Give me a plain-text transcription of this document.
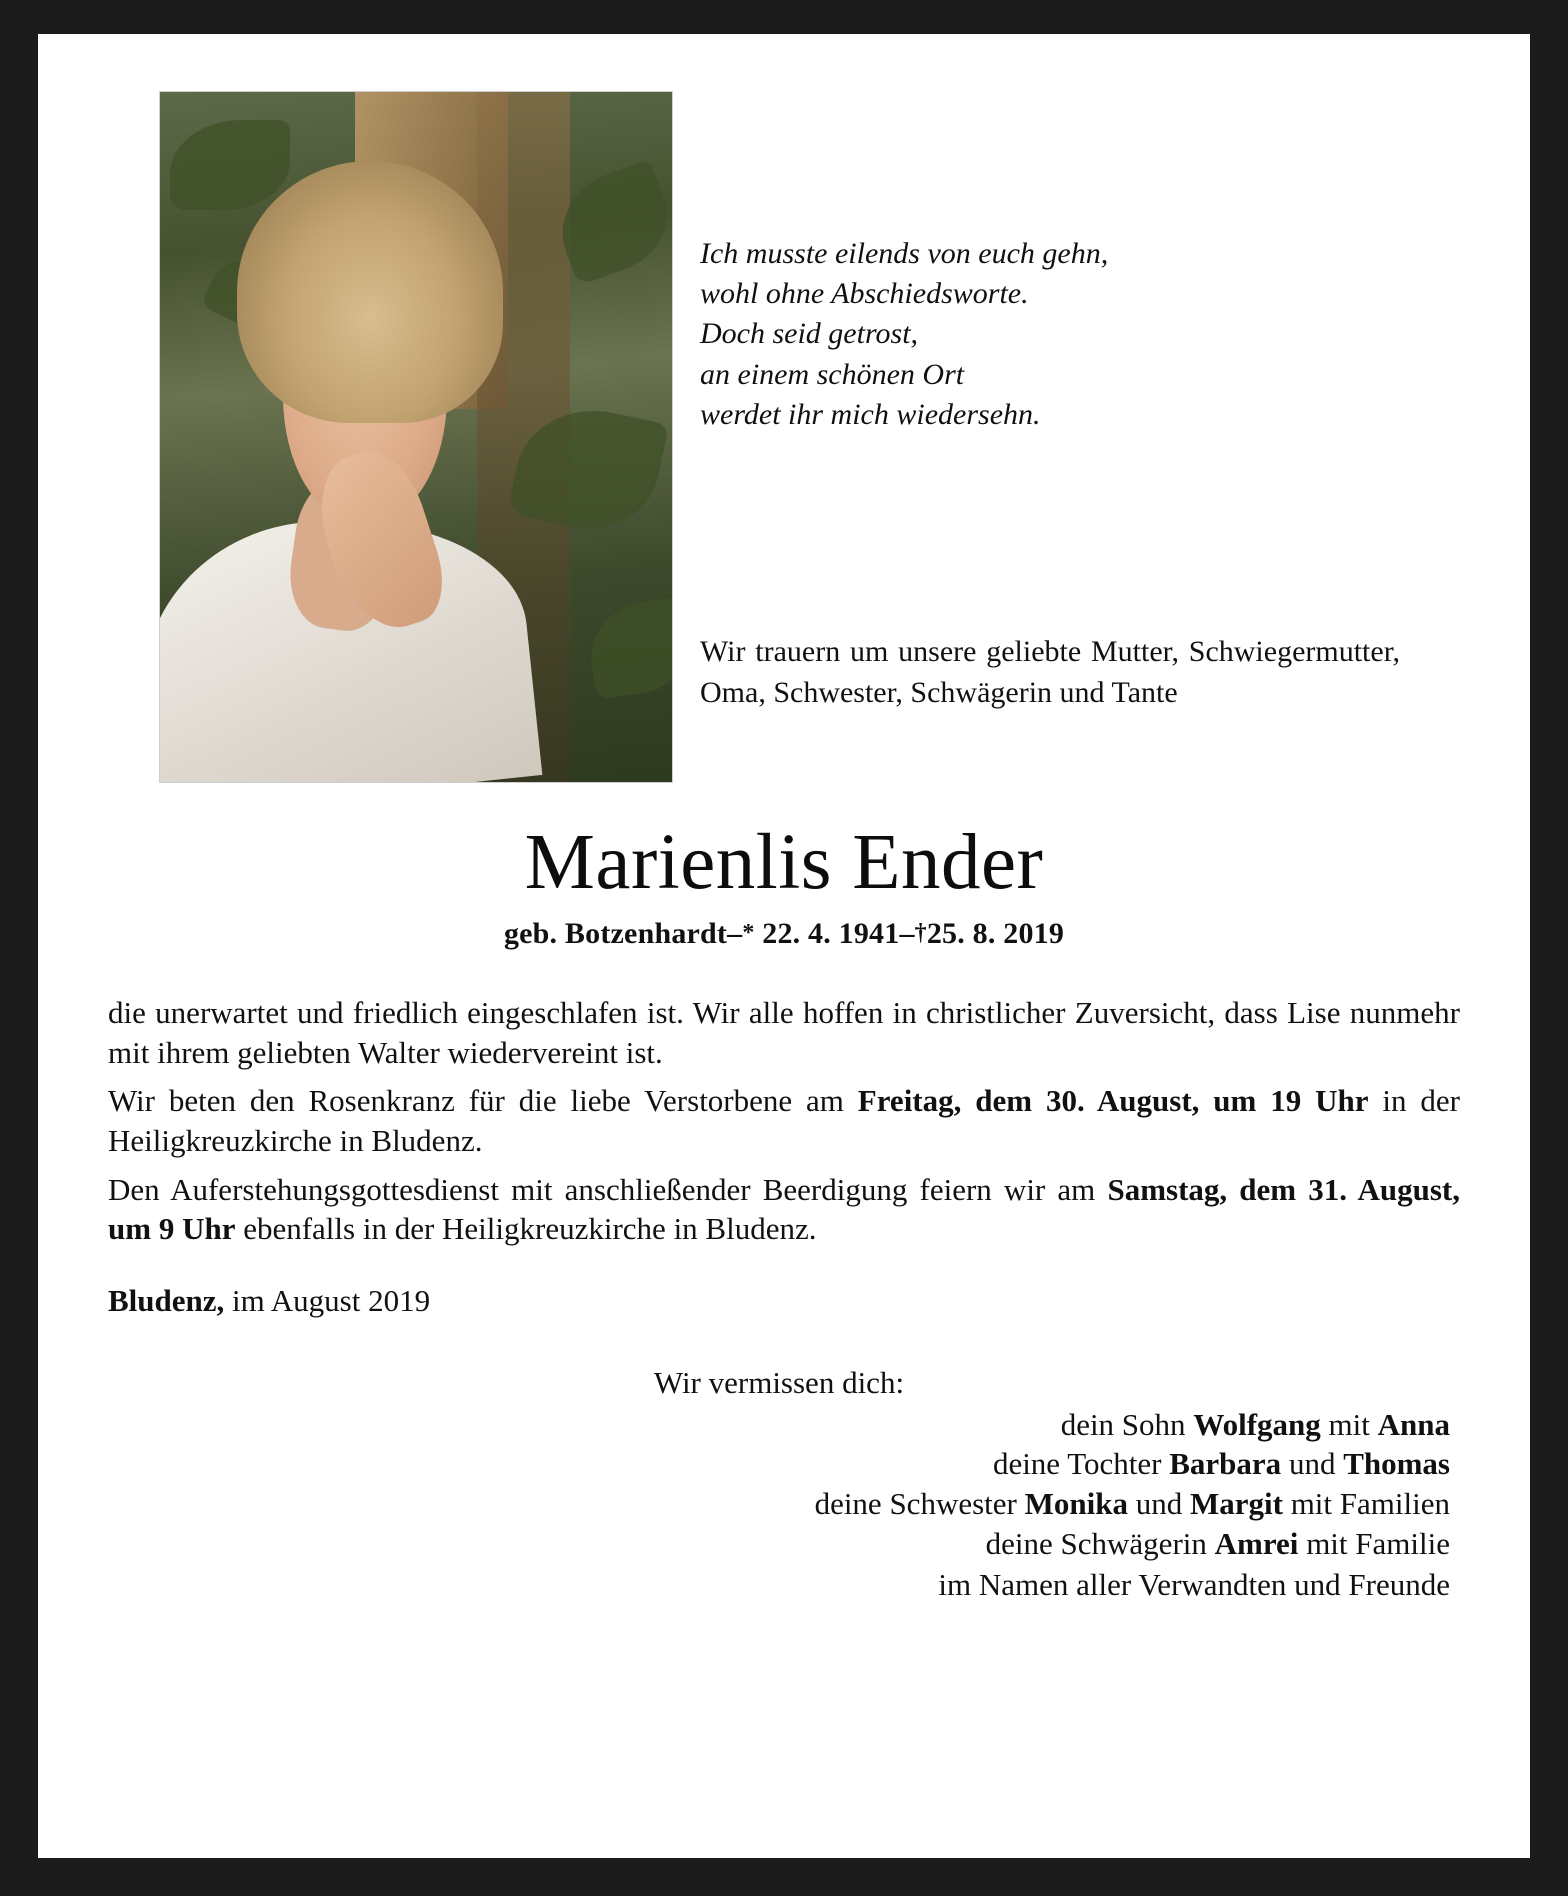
Ich musste eilends von euch gehn,
wohl ohne Abschiedsworte.
Doch seid getrost,
an einem schönen Ort
werdet ihr mich wiedersehn.
Wir trauern um unsere geliebte Mutter, Schwiegermutter, Oma, Schwester, Schwägerin und Tante
Marienlis Ender
geb. Botzenhardt–* 22. 4. 1941–†25. 8. 2019

die unerwartet und friedlich eingeschlafen ist. Wir alle hoffen in christlicher Zuversicht, dass Lise nunmehr mit ihrem geliebten Walter wiedervereint ist.

Wir beten den Rosenkranz für die liebe Verstorbene am Freitag, dem 30. August, um 19 Uhr in der Heiligkreuzkirche in Bludenz.

Den Auferstehungsgottesdienst mit anschließender Beerdigung feiern wir am Samstag, dem 31. August, um 9 Uhr ebenfalls in der Heiligkreuzkirche in Bludenz.

Bludenz, im August 2019
Wir vermissen dich:
dein Sohn Wolfgang mit Anna
deine Tochter Barbara und Thomas
deine Schwester Monika und Margit mit Familien
deine Schwägerin Amrei mit Familie
im Namen aller Verwandten und Freunde
